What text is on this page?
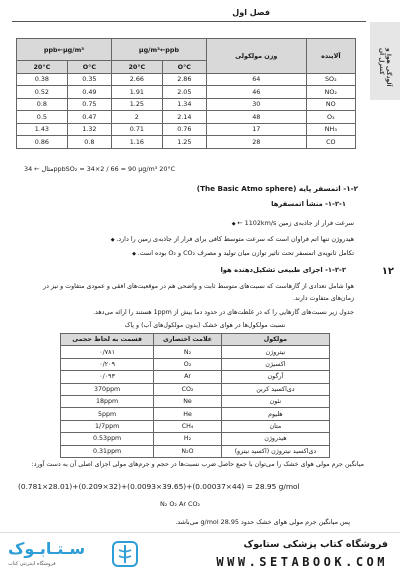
فصل اول
آلودگی هوا و کنترل آن
۱۲
ppb←μg/m³		μg/m³←ppb		وزن مولکولی	آلاینده
20°C	O°C	20°C	O°C		
0.38	0.35	2.66	2.86	64	SO₂
0.52	0.49	1.91	2.05	46	NO₂
0.8	0.75	1.25	1.34	30	NO
0.5	0.47	2	2.14	48	O₃
1.43	1.32	0.71	0.76	17	NH₃
0.86	0.8	1.16	1.25	28	CO
مثال ← 34ppbSO₂ = 34×2 / 66 = 90 μg/m³ 20°C
۱-۲- اتمسفر پایه (The Basic Atmo sphere)
۱-۲-۱- منشأ اتمسفرها
سرعت فرار از جاذبه‌ی زمین 1102km/s ← ◆
هیدروژن تنها اتم فراوان است که سرعت متوسط کافی برای فرار از جاذبه‌ی زمین را دارد. ◆
تکامل ثانویه‌ی اتمسفر تحت تاثیر توازن میان تولید و مصرف CO₂ و O₂ بوده است. ◆
۱-۲-۲- اجزای طبیعی تشکیل‌دهنده هوا
هوا شامل تعدادی از گازهاست که نسبت‌های متوسط ثابت و واضحی هم در موقعیت‌های افقی و عمودی متفاوت و نیز در
زمان‌های متفاوت دارند.
جدول زیر نسبت‌های گازهایی را که در غلظت‌های در حدود دما بیش از 1ppm هستند را ارائه می‌دهد.
نسبت مولکول‌ها در هوای خشک (بدون مولکول‌های آب) و پاک
قسمت به لحاظ حجمی	علامت اختصاری	مولکول
۰/۷۸۱	N₂	نیتروژن
۰/۲۰۹	O₂	اکسیژن
۰/۰۹۳	Ar	آرگون
370ppm	CO₂	دی‌اکسید کربن
18ppm	Ne	نئون
5ppm	He	هلیوم
1/7ppm	CH₄	متان
0.53ppm	H₂	هیدروژن
0.31ppm	N₂O	دی‌اکسید نیتروژن (اکسید نیترو)
میانگین جرم مولی هوای خشک را می‌توان با جمع حاصل ضرب نسبت‌ها در حجم و جرم‌های مولی اجزای اصلی آن به دست آورد:
(0.781×28.01)+(0.209×32)+(0.0093×39.65)+(0.00037×44) = 28.95 g/mol
N₂ O₂ Ar CO₂
پس میانگین جرم مولی هوای خشک حدود 28.95 g/mol می‌باشد.
سـتـابـوک
فروشگاه اینترنتی کتاب
فروشگاه کتاب پزشکی ستابوک
WWW.SETABOOK.COM
